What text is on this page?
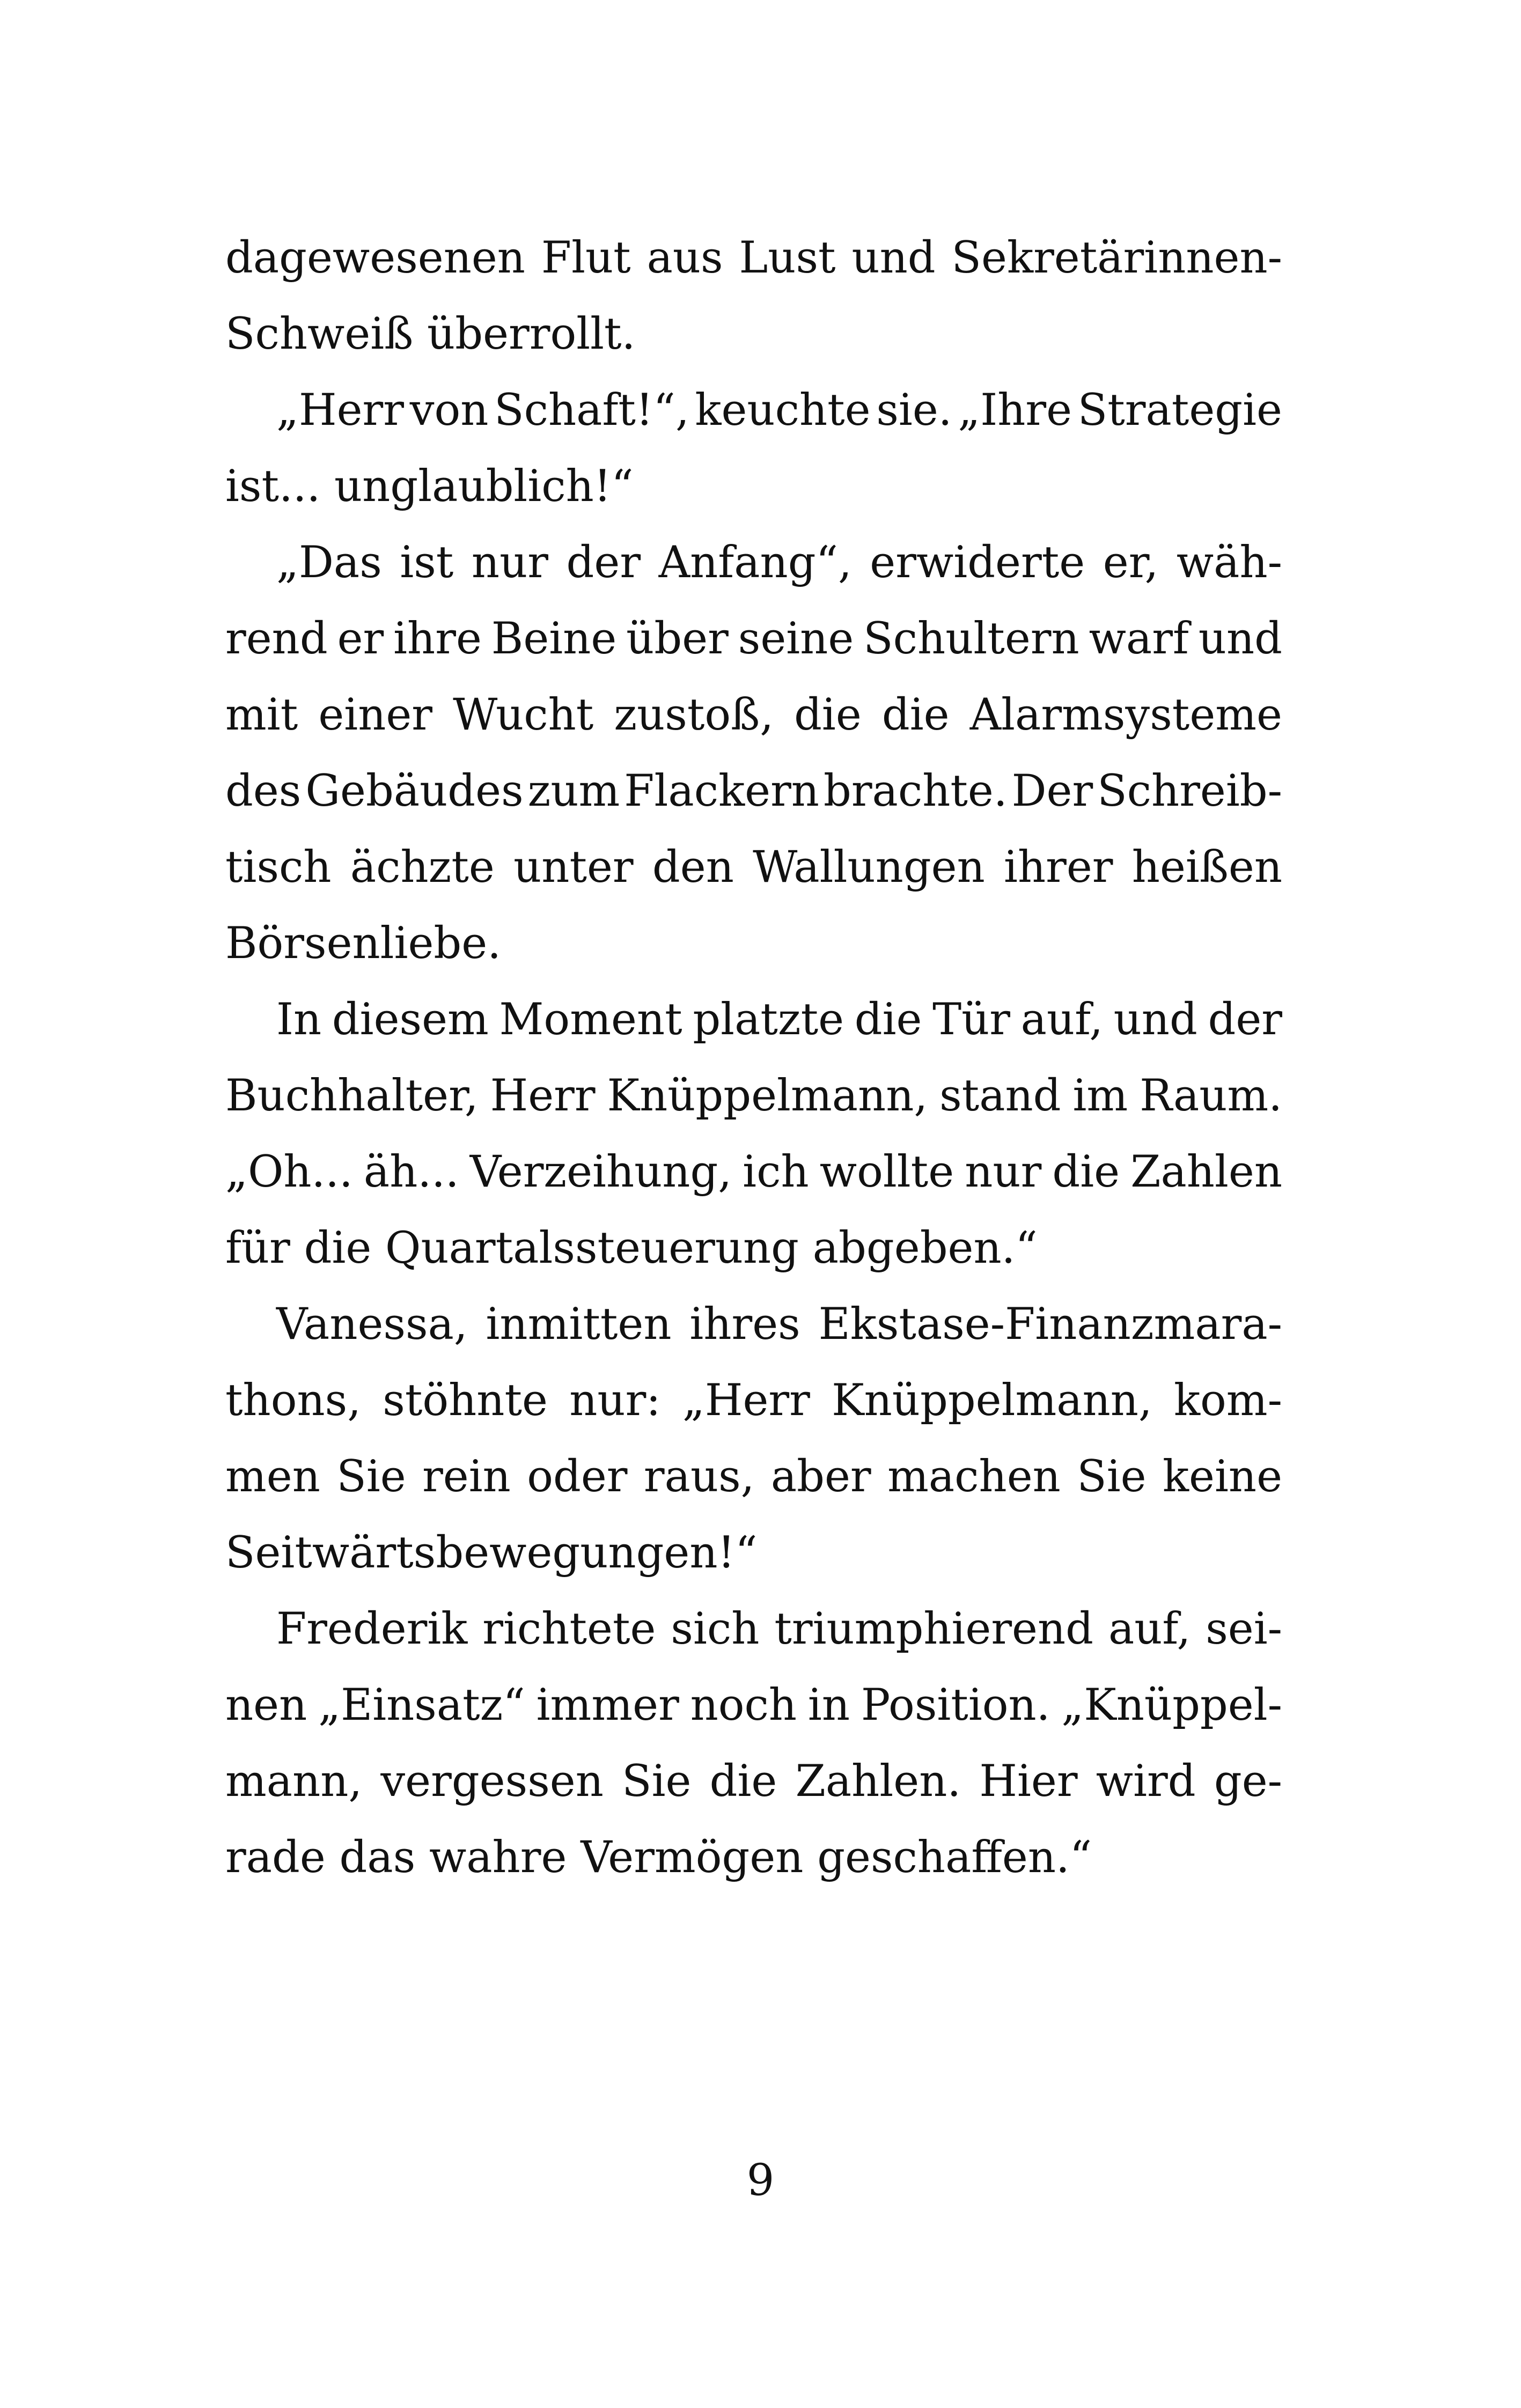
dagewesenen Flut aus Lust und Sekretärinnen-
Schweiß überrollt.
„Herr von Schaft!“, keuchte sie. „Ihre Strategie
ist... unglaublich!“
„Das ist nur der Anfang“, erwiderte er, wäh-
rend er ihre Beine über seine Schultern warf und
mit einer Wucht zustoß, die die Alarmsysteme
des Gebäudes zum Flackern brachte. Der Schreib-
tisch ächzte unter den Wallungen ihrer heißen
Börsenliebe.
In diesem Moment platzte die Tür auf, und der
Buchhalter, Herr Knüppelmann, stand im Raum.
„Oh... äh... Verzeihung, ich wollte nur die Zahlen
für die Quartalssteuerung abgeben.“
Vanessa, inmitten ihres Ekstase-Finanzmara-
thons, stöhnte nur: „Herr Knüppelmann, kom-
men Sie rein oder raus, aber machen Sie keine
Seitwärtsbewegungen!“
Frederik richtete sich triumphierend auf, sei-
nen „Einsatz“ immer noch in Position. „Knüppel-
mann, vergessen Sie die Zahlen. Hier wird ge-
rade das wahre Vermögen geschaffen.“
9
